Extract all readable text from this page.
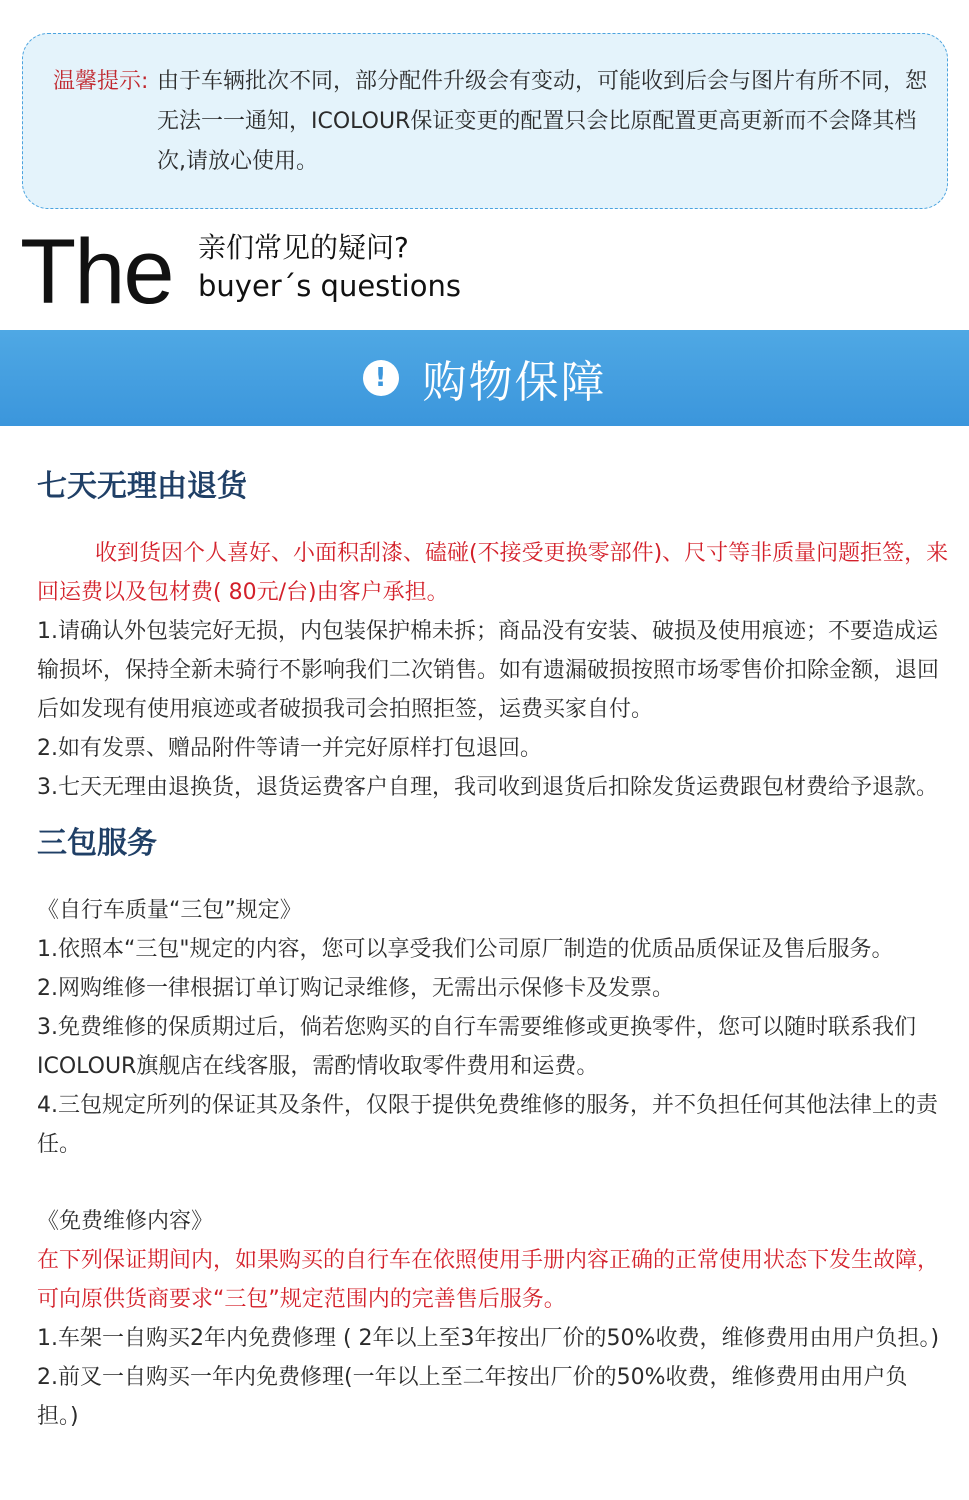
温馨提示: 由于车辆批次不同，部分配件升级会有变动，可能收到后会与图片有所不同，恕无法一一通知，ICOLOUR保证变更的配置只会比原配置更高更新而不会降其档次,请放心使用。
The 亲们常见的疑问?
buyer´s questions
! 购物保障
七天无理由退货

收到货因个人喜好、小面积刮漆、磕碰(不接受更换零部件)、尺寸等非质量问题拒签，来回运费以及包材费( 80元/台)由客户承担。

1.请确认外包装完好无损，内包装保护棉未拆；商品没有安装、破损及使用痕迹；不要造成运输损坏，保持全新未骑行不影响我们二次销售。如有遗漏破损按照市场零售价扣除金额，退回后如发现有使用痕迹或者破损我司会拍照拒签，运费买家自付。

2.如有发票、赠品附件等请一并完好原样打包退回。

3.七天无理由退换货，退货运费客户自理，我司收到退货后扣除发货运费跟包材费给予退款。

三包服务

《自行车质量“三包”规定》

1.依照本“三包"规定的内容，您可以享受我们公司原厂制造的优质品质保证及售后服务。

2.网购维修一律根据订单订购记录维修，无需出示保修卡及发票。

3.免费维修的保质期过后，倘若您购买的自行车需要维修或更换零件，您可以随时联系我们ICOLOUR旗舰店在线客服，需酌情收取零件费用和运费。

4.三包规定所列的保证其及条件，仅限于提供免费维修的服务，并不负担任何其他法律上的责任。

《免费维修内容》

在下列保证期间内，如果购买的自行车在依照使用手册内容正确的正常使用状态下发生故障，可向原供货商要求“三包”规定范围内的完善售后服务。

1.车架一自购买2年内免费修理 ( 2年以上至3年按出厂价的50%收费，维修费用由用户负担。)

2.前叉一自购买一年内免费修理(一年以上至二年按出厂价的50%收费，维修费用由用户负担。)
